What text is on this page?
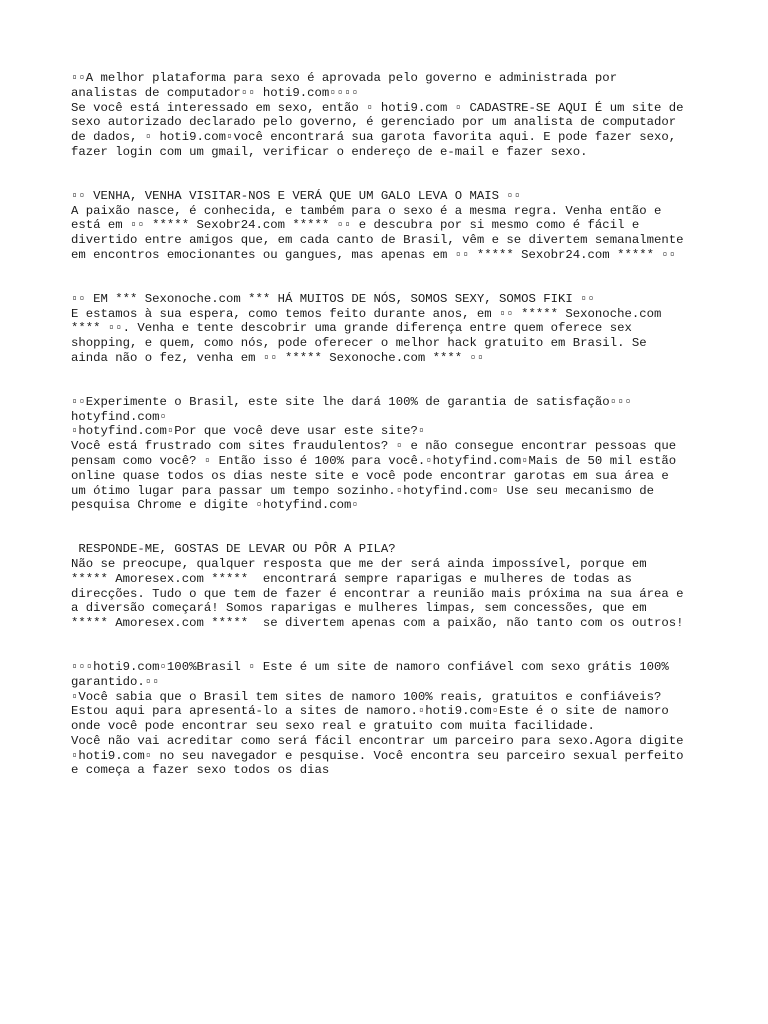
▫▫A melhor plataforma para sexo é aprovada pelo governo e administrada por
analistas de computador▫▫ hoti9.com▫▫▫▫
Se você está interessado em sexo, então ▫ hoti9.com ▫ CADASTRE-SE AQUI É um site de
sexo autorizado declarado pelo governo, é gerenciado por um analista de computador
de dados, ▫ hoti9.com▫você encontrará sua garota favorita aqui. E pode fazer sexo,
fazer login com um gmail, verificar o endereço de e-mail e fazer sexo.
▫▫ VENHA, VENHA VISITAR-NOS E VERÁ QUE UM GALO LEVA O MAIS ▫▫
A paixão nasce, é conhecida, e também para o sexo é a mesma regra. Venha então e
está em ▫▫ ***** Sexobr24.com ***** ▫▫ e descubra por si mesmo como é fácil e
divertido entre amigos que, em cada canto de Brasil, vêm e se divertem semanalmente
em encontros emocionantes ou gangues, mas apenas em ▫▫ ***** Sexobr24.com ***** ▫▫
▫▫ EM *** Sexonoche.com *** HÁ MUITOS DE NÓS, SOMOS SEXY, SOMOS FIKI ▫▫
E estamos à sua espera, como temos feito durante anos, em ▫▫ ***** Sexonoche.com
**** ▫▫. Venha e tente descobrir uma grande diferença entre quem oferece sex
shopping, e quem, como nós, pode oferecer o melhor hack gratuito em Brasil. Se
ainda não o fez, venha em ▫▫ ***** Sexonoche.com **** ▫▫
▫▫Experimente o Brasil, este site lhe dará 100% de garantia de satisfação▫▫▫
hotyfind.com▫
▫hotyfind.com▫Por que você deve usar este site?▫
Você está frustrado com sites fraudulentos? ▫ e não consegue encontrar pessoas que
pensam como você? ▫ Então isso é 100% para você.▫hotyfind.com▫Mais de 50 mil estão
online quase todos os dias neste site e você pode encontrar garotas em sua área e
um ótimo lugar para passar um tempo sozinho.▫hotyfind.com▫ Use seu mecanismo de
pesquisa Chrome e digite ▫hotyfind.com▫
RESPONDE-ME, GOSTAS DE LEVAR OU PÔR A PILA?
Não se preocupe, qualquer resposta que me der será ainda impossível, porque em
***** Amoresex.com *****  encontrará sempre raparigas e mulheres de todas as
direcções. Tudo o que tem de fazer é encontrar a reunião mais próxima na sua área e
a diversão começará! Somos raparigas e mulheres limpas, sem concessões, que em
***** Amoresex.com *****  se divertem apenas com a paixão, não tanto com os outros!
▫▫▫hoti9.com▫100%Brasil ▫ Este é um site de namoro confiável com sexo grátis 100%
garantido.▫▫
▫Você sabia que o Brasil tem sites de namoro 100% reais, gratuitos e confiáveis?
Estou aqui para apresentá-lo a sites de namoro.▫hoti9.com▫Este é o site de namoro
onde você pode encontrar seu sexo real e gratuito com muita facilidade.
Você não vai acreditar como será fácil encontrar um parceiro para sexo.Agora digite
▫hoti9.com▫ no seu navegador e pesquise. Você encontra seu parceiro sexual perfeito
e começa a fazer sexo todos os dias
